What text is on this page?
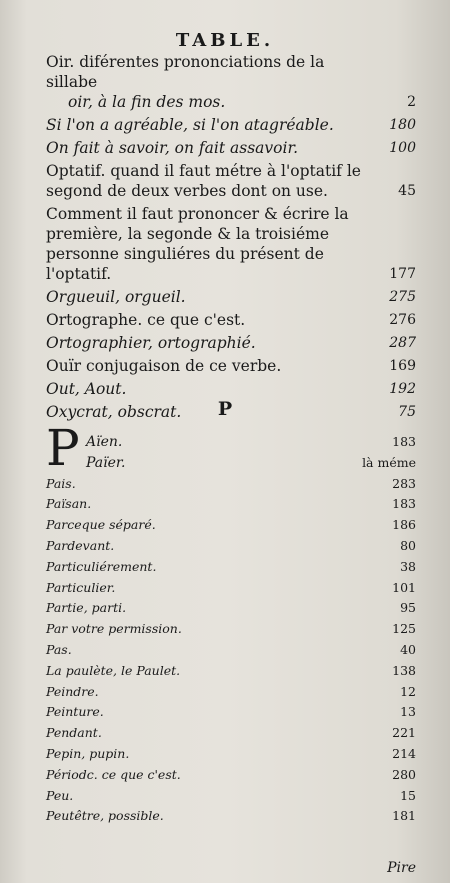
TABLE.
Oir. diférentes prononciations de la sillabe
oir, à la fin des mos.	2
Si l'on a agréable, si l'on atagréable.	180
On fait à savoir, on fait assavoir.	100
Optatif. quand il faut métre à l'optatif le segond de deux verbes dont on use.	45
Comment il faut prononcer & écrire la première, la segonde & la troisiéme personne singuliéres du présent de l'optatif.	177
Orgueuil, orgueil.	275
Ortographe. ce que c'est.	276
Ortographier, ortographié.	287
Ouïr conjugaison de ce verbe.	169
Out, Aout.	192
Oxycrat, obscrat.	75
P
P Aïen.	183
Païer.	là méme
Pais.	283
Païsan.	183
Parceque séparé.	186
Pardevant.	80
Particuliérement.	38
Particulier.	101
Partie, parti.	95
Par votre permission.	125
Pas.	40
La paulète, le Paulet.	138
Peindre.	12
Peinture.	13
Pendant.	221
Pepin, pupin.	214
Périodc. ce que c'est.	280
Peu.	15
Peutêtre, possible.	181
Pire
